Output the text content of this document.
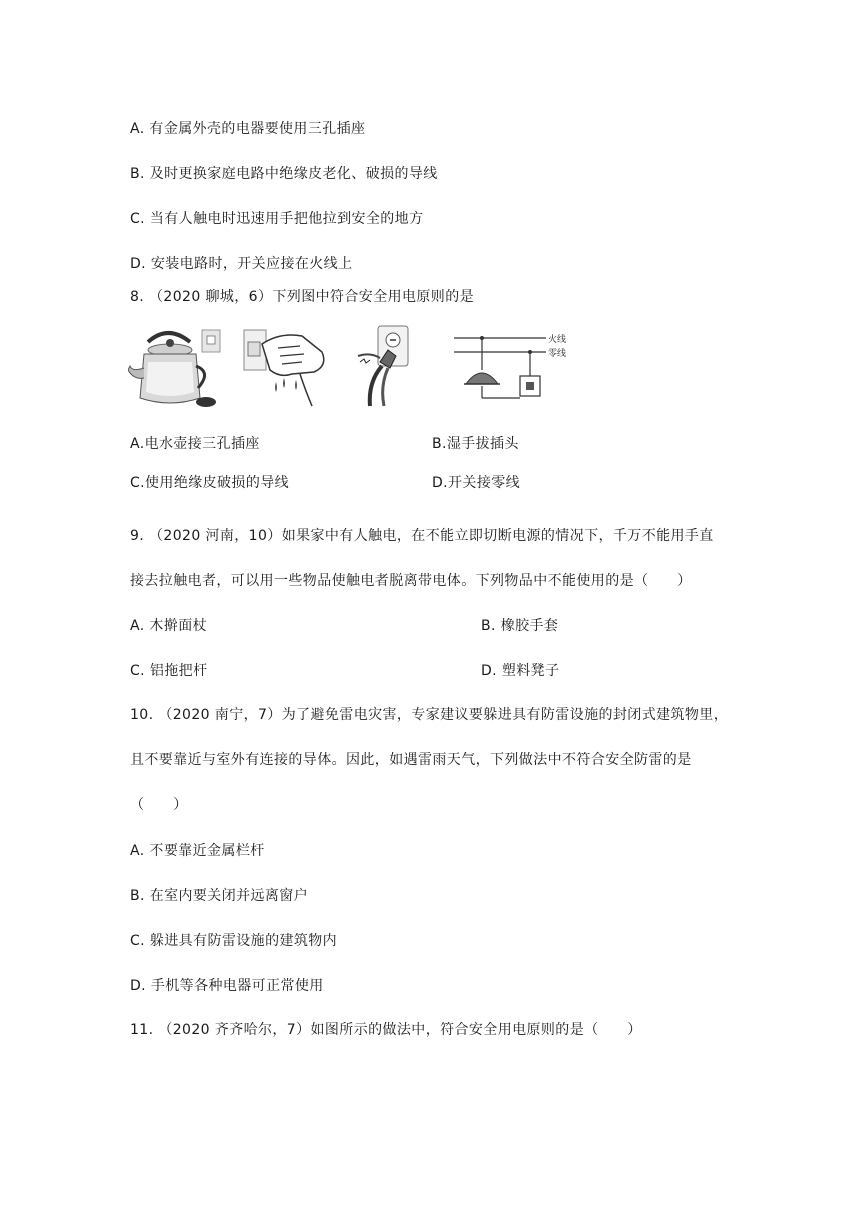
A. 有金属外壳的电器要使用三孔插座
B. 及时更换家庭电路中绝缘皮老化、破损的导线
C. 当有人触电时迅速用手把他拉到安全的地方
D. 安装电路时，开关应接在火线上
8. （2020 聊城，6）下列图中符合安全用电原则的是
火线
零线
A.电水壶接三孔插座	B.湿手拔插头
C.使用绝缘皮破损的导线	D.开关接零线
9. （2020 河南，10）如果家中有人触电，在不能立即切断电源的情况下，千万不能用手直
接去拉触电者，可以用一些物品使触电者脱离带电体。下列物品中不能使用的是（　　）
A. 木擀面杖	B. 橡胶手套
C. 铝拖把杆	D. 塑料凳子
10. （2020 南宁，7）为了避免雷电灾害，专家建议要躲进具有防雷设施的封闭式建筑物里，
且不要靠近与室外有连接的导体。因此，如遇雷雨天气，下列做法中不符合安全防雷的是
（　　）
A. 不要靠近金属栏杆
B. 在室内要关闭并远离窗户
C. 躲进具有防雷设施的建筑物内
D. 手机等各种电器可正常使用
11. （2020 齐齐哈尔，7）如图所示的做法中，符合安全用电原则的是（　　）
